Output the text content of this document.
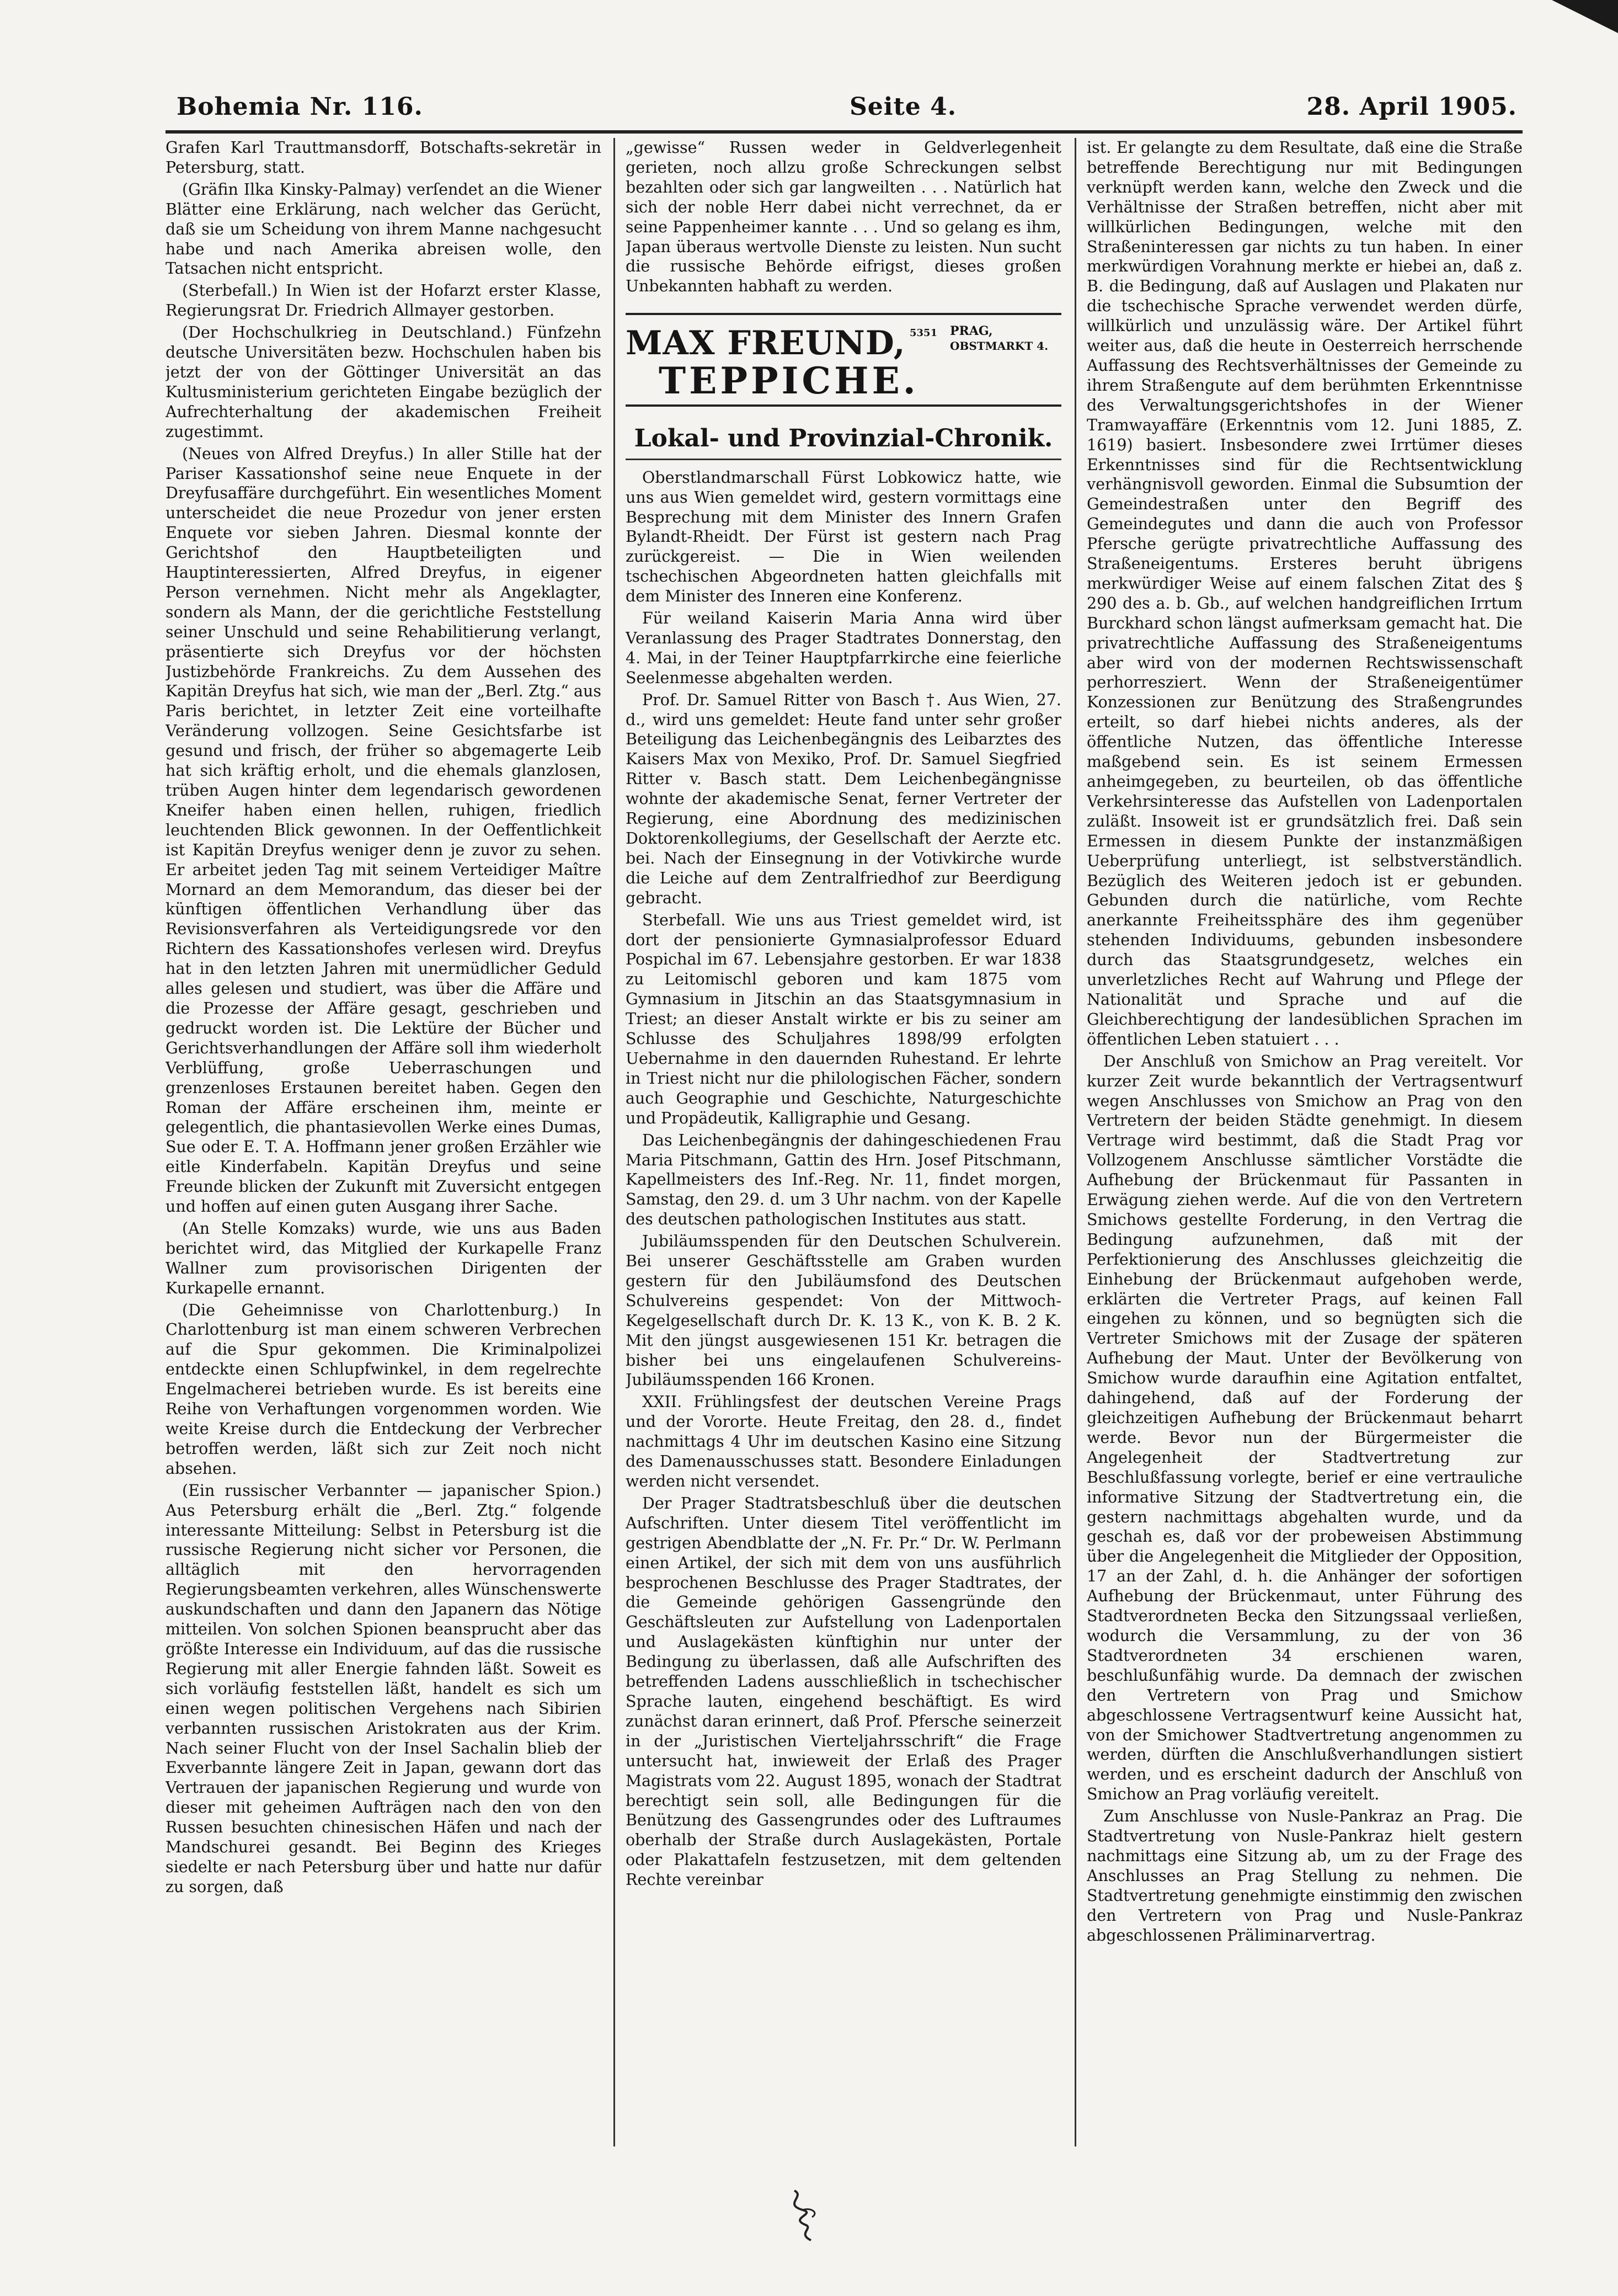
Bohemia Nr. 116.	Seite 4.	28. April 1905.

Grafen Karl Trauttmansdorff, Botschafts-sekretär in Petersburg, statt.

(Gräfin Ilka Kinsky-Palmay) verſendet an die Wiener Blätter eine Erklärung, nach welcher das Gerücht, daß sie um Scheidung von ihrem Manne nachgesucht habe und nach Amerika abreisen wolle, den Tatsachen nicht entspricht.

(Sterbefall.) In Wien ist der Hofarzt erster Klasse, Regierungsrat Dr. Friedrich Allmayer gestorben.

(Der Hochschulkrieg in Deutschland.) Fünfzehn deutsche Universitäten bezw. Hochschulen haben bis jetzt der von der Göttinger Universität an das Kultusministerium gerichteten Eingabe bezüglich der Aufrechterhaltung der akademischen Freiheit zugestimmt.

(Neues von Alfred Dreyfus.) In aller Stille hat der Pariser Kassationshof seine neue Enquete in der Dreyfusaffäre durchgeführt. Ein wesentliches Moment unterscheidet die neue Prozedur von jener ersten Enquete vor sieben Jahren. Diesmal konnte der Gerichtshof den Hauptbeteiligten und Hauptinteressierten, Alfred Dreyfus, in eigener Person vernehmen. Nicht mehr als Angeklagter, sondern als Mann, der die gerichtliche Feststellung seiner Unschuld und seine Rehabilitierung verlangt, präsentierte sich Dreyfus vor der höchsten Justizbehörde Frankreichs. Zu dem Aussehen des Kapitän Dreyfus hat sich, wie man der „Berl. Ztg.“ aus Paris berichtet, in letzter Zeit eine vorteilhafte Veränderung vollzogen. Seine Gesichtsfarbe ist gesund und frisch, der früher so abgemagerte Leib hat sich kräftig erholt, und die ehemals glanzlosen, trüben Augen hinter dem legendarisch gewordenen Kneifer haben einen hellen, ruhigen, friedlich leuchtenden Blick gewonnen. In der Oeffentlichkeit ist Kapitän Dreyfus weniger denn je zuvor zu sehen. Er arbeitet jeden Tag mit seinem Verteidiger Maître Mornard an dem Memorandum, das dieser bei der künftigen öffentlichen Verhandlung über das Revisionsverfahren als Verteidigungsrede vor den Richtern des Kassationshofes verlesen wird. Dreyfus hat in den letzten Jahren mit unermüdlicher Geduld alles gelesen und studiert, was über die Affäre und die Prozesse der Affäre gesagt, geschrieben und gedruckt worden ist. Die Lektüre der Bücher und Gerichtsverhandlungen der Affäre soll ihm wiederholt Verblüffung, große Ueberraschungen und grenzenloses Erstaunen bereitet haben. Gegen den Roman der Affäre erscheinen ihm, meinte er gelegentlich, die phantasievollen Werke eines Dumas, Sue oder E. T. A. Hoffmann jener großen Erzähler wie eitle Kinderfabeln. Kapitän Dreyfus und seine Freunde blicken der Zukunft mit Zuversicht entgegen und hoffen auf einen guten Ausgang ihrer Sache.

(An Stelle Komzaks) wurde, wie uns aus Baden berichtet wird, das Mitglied der Kurkapelle Franz Wallner zum provisorischen Dirigenten der Kurkapelle ernannt.

(Die Geheimnisse von Charlottenburg.) In Charlottenburg ist man einem schweren Verbrechen auf die Spur gekommen. Die Kriminalpolizei entdeckte einen Schlupfwinkel, in dem regelrechte Engelmacherei betrieben wurde. Es ist bereits eine Reihe von Verhaftungen vorgenommen worden. Wie weite Kreise durch die Entdeckung der Verbrecher betroffen werden, läßt sich zur Zeit noch nicht absehen.

(Ein russischer Verbannter — japanischer Spion.) Aus Petersburg erhält die „Berl. Ztg.“ folgende interessante Mitteilung: Selbst in Petersburg ist die russische Regierung nicht sicher vor Personen, die alltäglich mit den hervorragenden Regierungsbeamten verkehren, alles Wünschenswerte auskundschaften und dann den Japanern das Nötige mitteilen. Von solchen Spionen beansprucht aber das größte Interesse ein Individuum, auf das die russische Regierung mit aller Energie fahnden läßt. Soweit es sich vorläufig feststellen läßt, handelt es sich um einen wegen politischen Vergehens nach Sibirien verbannten russischen Aristokraten aus der Krim. Nach seiner Flucht von der Insel Sachalin blieb der Exverbannte längere Zeit in Japan, gewann dort das Vertrauen der japanischen Regierung und wurde von dieser mit geheimen Aufträgen nach den von den Russen besuchten chinesischen Häfen und nach der Mandschurei gesandt. Bei Beginn des Krieges siedelte er nach Petersburg über und hatte nur dafür zu sorgen, daß

„gewisse“ Russen weder in Geldverlegenheit gerieten, noch allzu große Schreckungen selbst bezahlten oder sich gar langweilten . . . Natürlich hat sich der noble Herr dabei nicht verrechnet, da er seine Pappenheimer kannte . . . Und so gelang es ihm, Japan überaus wertvolle Dienste zu leisten. Nun sucht die russische Behörde eifrigst, dieses großen Unbekannten habhaft zu werden.

MAX FREUND, 5351 PRAG,
OBSTMARKT 4.
TEPPICHE.
Lokal- und Provinzial-Chronik.

Oberstlandmarschall Fürst Lobkowicz hatte, wie uns aus Wien gemeldet wird, gestern vormittags eine Besprechung mit dem Minister des Innern Grafen Bylandt-Rheidt. Der Fürst ist gestern nach Prag zurückgereist. — Die in Wien weilenden tschechischen Abgeordneten hatten gleichfalls mit dem Minister des Inneren eine Konferenz.

Für weiland Kaiserin Maria Anna wird über Veranlassung des Prager Stadtrates Donnerstag, den 4. Mai, in der Teiner Hauptpfarrkirche eine feierliche Seelenmesse abgehalten werden.

Prof. Dr. Samuel Ritter von Basch †. Aus Wien, 27. d., wird uns gemeldet: Heute fand unter sehr großer Beteiligung das Leichenbegängnis des Leibarztes des Kaisers Max von Mexiko, Prof. Dr. Samuel Siegfried Ritter v. Basch statt. Dem Leichenbegängnisse wohnte der akademische Senat, ferner Vertreter der Regierung, eine Abordnung des medizinischen Doktorenkollegiums, der Gesellschaft der Aerzte etc. bei. Nach der Einsegnung in der Votivkirche wurde die Leiche auf dem Zentralfriedhof zur Beerdigung gebracht.

Sterbefall. Wie uns aus Triest gemeldet wird, ist dort der pensionierte Gymnasialprofessor Eduard Pospichal im 67. Lebensjahre gestorben. Er war 1838 zu Leitomischl geboren und kam 1875 vom Gymnasium in Jitschin an das Staatsgymnasium in Triest; an dieser Anstalt wirkte er bis zu seiner am Schlusse des Schuljahres 1898/99 erfolgten Uebernahme in den dauernden Ruhestand. Er lehrte in Triest nicht nur die philologischen Fächer, sondern auch Geographie und Geschichte, Naturgeschichte und Propädeutik, Kalligraphie und Gesang.

Das Leichenbegängnis der dahingeschiedenen Frau Maria Pitschmann, Gattin des Hrn. Josef Pitschmann, Kapellmeisters des Inf.-Reg. Nr. 11, findet morgen, Samstag, den 29. d. um 3 Uhr nachm. von der Kapelle des deutschen pathologischen Institutes aus statt.

Jubiläumsspenden für den Deutschen Schulverein. Bei unserer Geschäftsstelle am Graben wurden gestern für den Jubiläumsfond des Deutschen Schulvereins gespendet: Von der Mittwoch-Kegelgesellschaft durch Dr. K. 13 K., von K. B. 2 K. Mit den jüngst ausgewiesenen 151 Kr. betragen die bisher bei uns eingelaufenen Schulvereins-Jubiläumsspenden 166 Kronen.

XXII. Frühlingsfest der deutschen Vereine Prags und der Vororte. Heute Freitag, den 28. d., findet nachmittags 4 Uhr im deutschen Kasino eine Sitzung des Damenausschusses statt. Besondere Einladungen werden nicht versendet.

Der Prager Stadtratsbeschluß über die deutschen Aufschriften. Unter diesem Titel veröffentlicht im gestrigen Abendblatte der „N. Fr. Pr.“ Dr. W. Perlmann einen Artikel, der sich mit dem von uns ausführlich besprochenen Beschlusse des Prager Stadtrates, der die Gemeinde gehörigen Gassengründe den Geschäftsleuten zur Aufstellung von Ladenportalen und Auslagekästen künftighin nur unter der Bedingung zu überlassen, daß alle Aufschriften des betreffenden Ladens ausschließlich in tschechischer Sprache lauten, eingehend beschäftigt. Es wird zunächst daran erinnert, daß Prof. Pfersche seinerzeit in der „Juristischen Vierteljahrsschrift“ die Frage untersucht hat, inwieweit der Erlaß des Prager Magistrats vom 22. August 1895, wonach der Stadtrat berechtigt sein soll, alle Bedingungen für die Benützung des Gassengrundes oder des Luftraumes oberhalb der Straße durch Auslagekästen, Portale oder Plakattafeln festzusetzen, mit dem geltenden Rechte vereinbar

ist. Er gelangte zu dem Resultate, daß eine die Straße betreffende Berechtigung nur mit Bedingungen verknüpft werden kann, welche den Zweck und die Verhältnisse der Straßen betreffen, nicht aber mit willkürlichen Bedingungen, welche mit den Straßeninteressen gar nichts zu tun haben. In einer merkwürdigen Vorahnung merkte er hiebei an, daß z. B. die Bedingung, daß auf Auslagen und Plakaten nur die tschechische Sprache verwendet werden dürfe, willkürlich und unzulässig wäre. Der Artikel führt weiter aus, daß die heute in Oesterreich herrschende Auffassung des Rechtsverhältnisses der Gemeinde zu ihrem Straßengute auf dem berühmten Erkenntnisse des Verwaltungsgerichtshofes in der Wiener Tramwayaffäre (Erkenntnis vom 12. Juni 1885, Z. 1619) basiert. Insbesondere zwei Irrtümer dieses Erkenntnisses sind für die Rechtsentwicklung verhängnisvoll geworden. Einmal die Subsumtion der Gemeindestraßen unter den Begriff des Gemeindegutes und dann die auch von Professor Pfersche gerügte privatrechtliche Auffassung des Straßeneigentums. Ersteres beruht übrigens merkwürdiger Weise auf einem falschen Zitat des § 290 des a. b. Gb., auf welchen handgreiflichen Irrtum Burckhard schon längst aufmerksam gemacht hat. Die privatrechtliche Auffassung des Straßeneigentums aber wird von der modernen Rechtswissenschaft perhorresziert. Wenn der Straßeneigentümer Konzessionen zur Benützung des Straßengrundes erteilt, so darf hiebei nichts anderes, als der öffentliche Nutzen, das öffentliche Interesse maßgebend sein. Es ist seinem Ermessen anheimgegeben, zu beurteilen, ob das öffentliche Verkehrsinteresse das Aufstellen von Ladenportalen zuläßt. Insoweit ist er grundsätzlich frei. Daß sein Ermessen in diesem Punkte der instanzmäßigen Ueberprüfung unterliegt, ist selbstverständlich. Bezüglich des Weiteren jedoch ist er gebunden. Gebunden durch die natürliche, vom Rechte anerkannte Freiheitssphäre des ihm gegenüber stehenden Individuums, gebunden insbesondere durch das Staatsgrundgesetz, welches ein unverletzliches Recht auf Wahrung und Pflege der Nationalität und Sprache und auf die Gleichberechtigung der landesüblichen Sprachen im öffentlichen Leben statuiert . . .

Der Anschluß von Smichow an Prag vereitelt. Vor kurzer Zeit wurde bekanntlich der Vertragsentwurf wegen Anschlusses von Smichow an Prag von den Vertretern der beiden Städte genehmigt. In diesem Vertrage wird bestimmt, daß die Stadt Prag vor Vollzogenem Anschlusse sämtlicher Vorstädte die Aufhebung der Brückenmaut für Passanten in Erwägung ziehen werde. Auf die von den Vertretern Smichows gestellte Forderung, in den Vertrag die Bedingung aufzunehmen, daß mit der Perfektionierung des Anschlusses gleichzeitig die Einhebung der Brückenmaut aufgehoben werde, erklärten die Vertreter Prags, auf keinen Fall eingehen zu können, und so begnügten sich die Vertreter Smichows mit der Zusage der späteren Aufhebung der Maut. Unter der Bevölkerung von Smichow wurde daraufhin eine Agitation entfaltet, dahingehend, daß auf der Forderung der gleichzeitigen Aufhebung der Brückenmaut beharrt werde. Bevor nun der Bürgermeister die Angelegenheit der Stadtvertretung zur Beschlußfassung vorlegte, berief er eine vertrauliche informative Sitzung der Stadtvertretung ein, die gestern nachmittags abgehalten wurde, und da geschah es, daß vor der probeweisen Abstimmung über die Angelegenheit die Mitglieder der Opposition, 17 an der Zahl, d. h. die Anhänger der sofortigen Aufhebung der Brückenmaut, unter Führung des Stadtverordneten Becka den Sitzungssaal verließen, wodurch die Versammlung, zu der von 36 Stadtverordneten 34 erschienen waren, beschlußunfähig wurde. Da demnach der zwischen den Vertretern von Prag und Smichow abgeschlossene Vertragsentwurf keine Aussicht hat, von der Smichower Stadtvertretung angenommen zu werden, dürften die Anschlußverhandlungen sistiert werden, und es erscheint dadurch der Anschluß von Smichow an Prag vorläufig vereitelt.

Zum Anschlusse von Nusle-Pankraz an Prag. Die Stadtvertretung von Nusle-Pankraz hielt gestern nachmittags eine Sitzung ab, um zu der Frage des Anschlusses an Prag Stellung zu nehmen. Die Stadtvertretung genehmigte einstimmig den zwischen den Vertretern von Prag und Nusle-Pankraz abgeschlossenen Präliminarvertrag.
